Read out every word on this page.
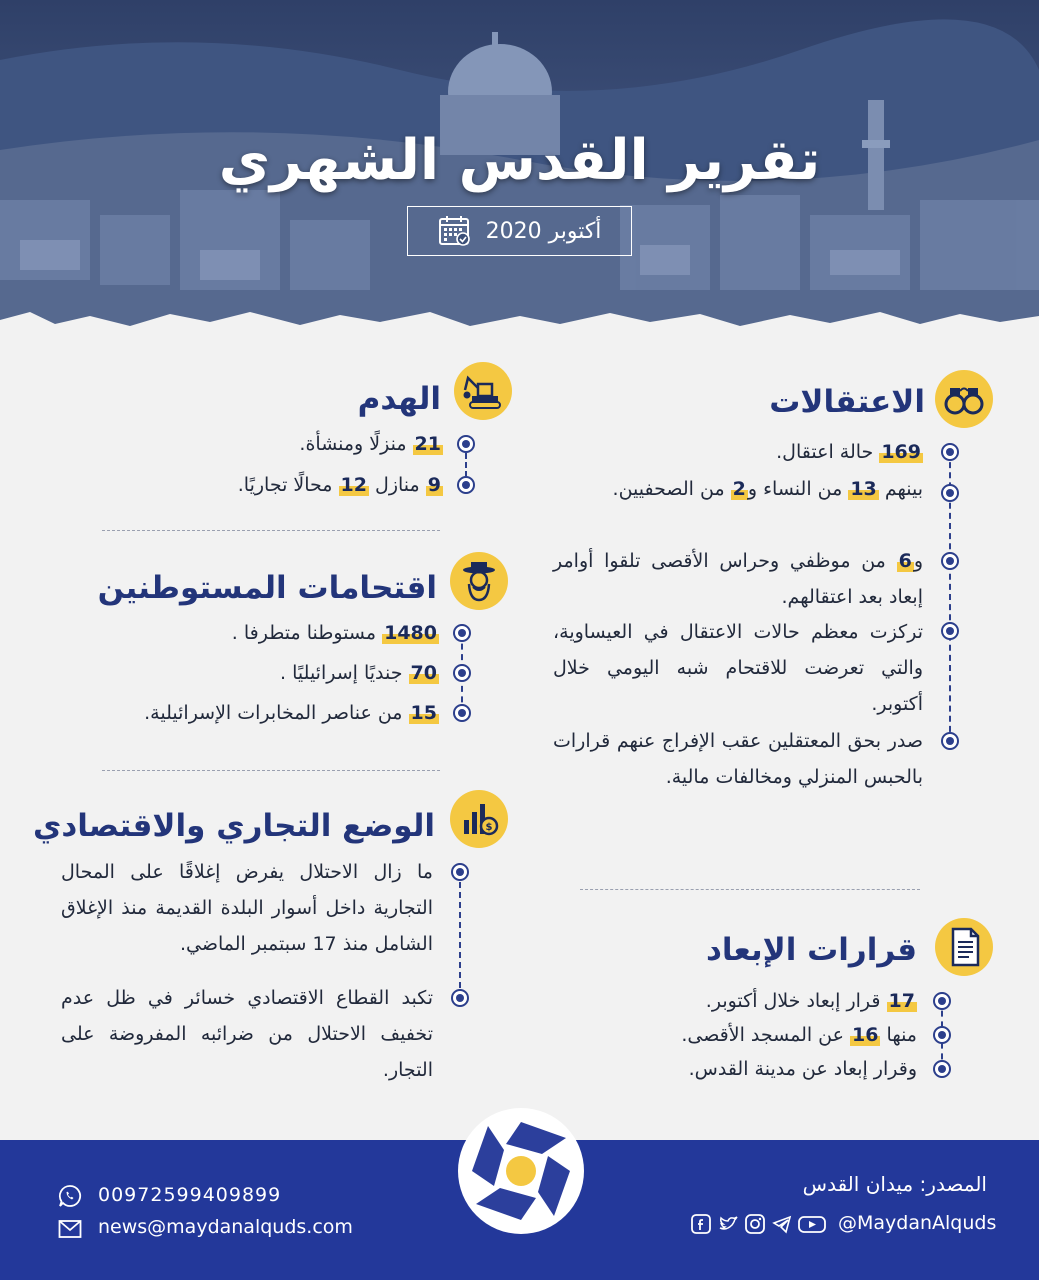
تقرير القدس الشهري
أكتوبر 2020
الاعتقالات
169 حالة اعتقال.
بينهم 13 من النساء و2 من الصحفيين.
و6 من موظفي وحراس الأقصى تلقوا أوامر إبعاد بعد اعتقالهم.
تركزت معظم حالات الاعتقال في العيساوية، والتي تعرضت للاقتحام شبه اليومي خلال أكتوبر.
صدر بحق المعتقلين عقب الإفراج عنهم قرارات بالحبس المنزلي ومخالفات مالية.
قرارات الإبعاد
17 قرار إبعاد خلال أكتوبر.
منها 16 عن المسجد الأقصى.
وقرار إبعاد عن مدينة القدس.
الهدم
21 منزلًا ومنشأة.
9 منازل 12 محالًا تجاريًا.
اقتحامات المستوطنين
1480 مستوطنا متطرفا .
70 جنديًا إسرائيليًا .
15 من عناصر المخابرات الإسرائيلية.
$
الوضع التجاري والاقتصادي
ما زال الاحتلال يفرض إغلاقًا على المحال التجارية داخل أسوار البلدة القديمة منذ الإغلاق الشامل منذ 17 سبتمبر الماضي.
تكبد القطاع الاقتصادي خسائر في ظل عدم تخفيف الاحتلال من ضرائبه المفروضة على التجار.
المصدر: ميدان القدس
@MaydanAlquds
00972599409899
news@maydanalquds.com
